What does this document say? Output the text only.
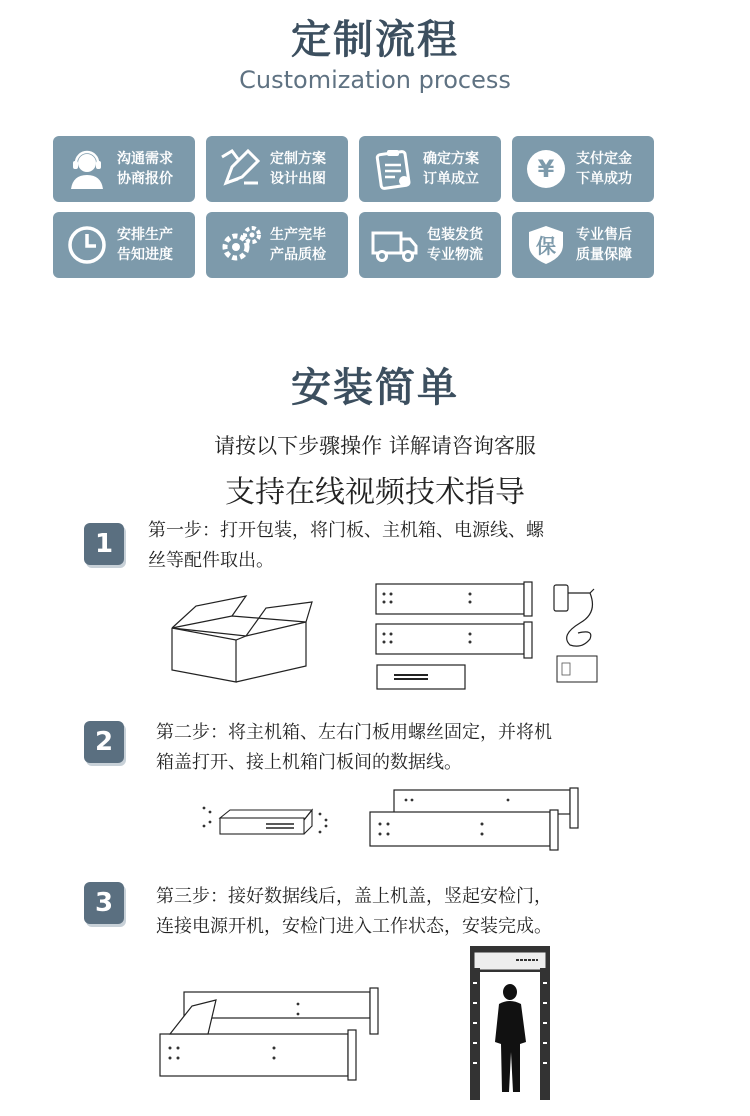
定制流程
Customization process
沟通需求
协商报价
定制方案
设计出图
确定方案
订单成立 ¥ 支付定金
下单成功
安排生产
告知进度
生产完毕
产品质检
包装发货
专业物流	保 专业售后
质量保障
安装简单
请按以下步骤操作 详解请咨询客服
支持在线视频技术指导
1	第一步：打开包装，将门板、主机箱、电源线、螺
丝等配件取出。
2	第二步：将主机箱、左右门板用螺丝固定，并将机
箱盖打开、接上机箱门板间的数据线。
3	第三步：接好数据线后，盖上机盖，竖起安检门，
连接电源开机，安检门进入工作状态，安装完成。
